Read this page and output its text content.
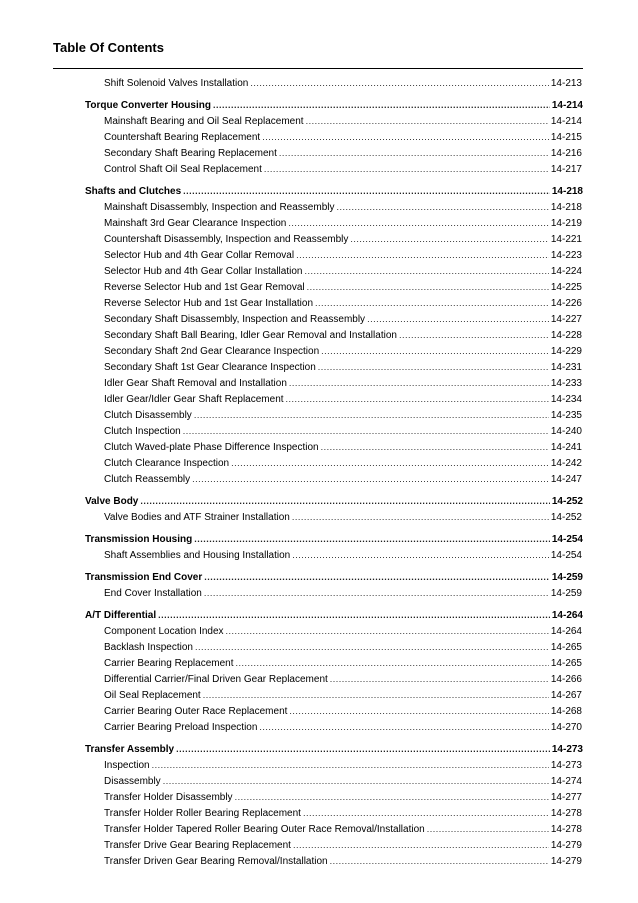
Table Of Contents
Shift Solenoid Valves Installation .....	14-213
Torque Converter Housing .....	14-214
Mainshaft Bearing and Oil Seal Replacement .....	14-214
Countershaft Bearing Replacement .....	14-215
Secondary Shaft Bearing Replacement .....	14-216
Control Shaft Oil Seal Replacement .....	14-217
Shafts and Clutches .....	14-218
Mainshaft Disassembly, Inspection and Reassembly .....	14-218
Mainshaft 3rd Gear Clearance Inspection .....	14-219
Countershaft Disassembly, Inspection and Reassembly .....	14-221
Selector Hub and 4th Gear Collar Removal .....	14-223
Selector Hub and 4th Gear Collar Installation .....	14-224
Reverse Selector Hub and 1st Gear Removal .....	14-225
Reverse Selector Hub and 1st Gear Installation .....	14-226
Secondary Shaft Disassembly, Inspection and Reassembly .....	14-227
Secondary Shaft Ball Bearing, Idler Gear Removal and Installation .....	14-228
Secondary Shaft 2nd Gear Clearance Inspection .....	14-229
Secondary Shaft 1st Gear Clearance Inspection .....	14-231
Idler Gear Shaft Removal and Installation .....	14-233
Idler Gear/Idler Gear Shaft Replacement .....	14-234
Clutch Disassembly .....	14-235
Clutch Inspection .....	14-240
Clutch Waved-plate Phase Difference Inspection .....	14-241
Clutch Clearance Inspection .....	14-242
Clutch Reassembly .....	14-247
Valve Body .....	14-252
Valve Bodies and ATF Strainer Installation .....	14-252
Transmission Housing .....	14-254
Shaft Assemblies and Housing Installation .....	14-254
Transmission End Cover .....	14-259
End Cover Installation .....	14-259
A/T Differential .....	14-264
Component Location Index .....	14-264
Backlash Inspection .....	14-265
Carrier Bearing Replacement .....	14-265
Differential Carrier/Final Driven Gear Replacement .....	14-266
Oil Seal Replacement .....	14-267
Carrier Bearing Outer Race Replacement .....	14-268
Carrier Bearing Preload Inspection .....	14-270
Transfer Assembly .....	14-273
Inspection .....	14-273
Disassembly .....	14-274
Transfer Holder Disassembly .....	14-277
Transfer Holder Roller Bearing Replacement .....	14-278
Transfer Holder Tapered Roller Bearing Outer Race Removal/Installation .....	14-278
Transfer Drive Gear Bearing Replacement .....	14-279
Transfer Driven Gear Bearing Removal/Installation .....	14-279
